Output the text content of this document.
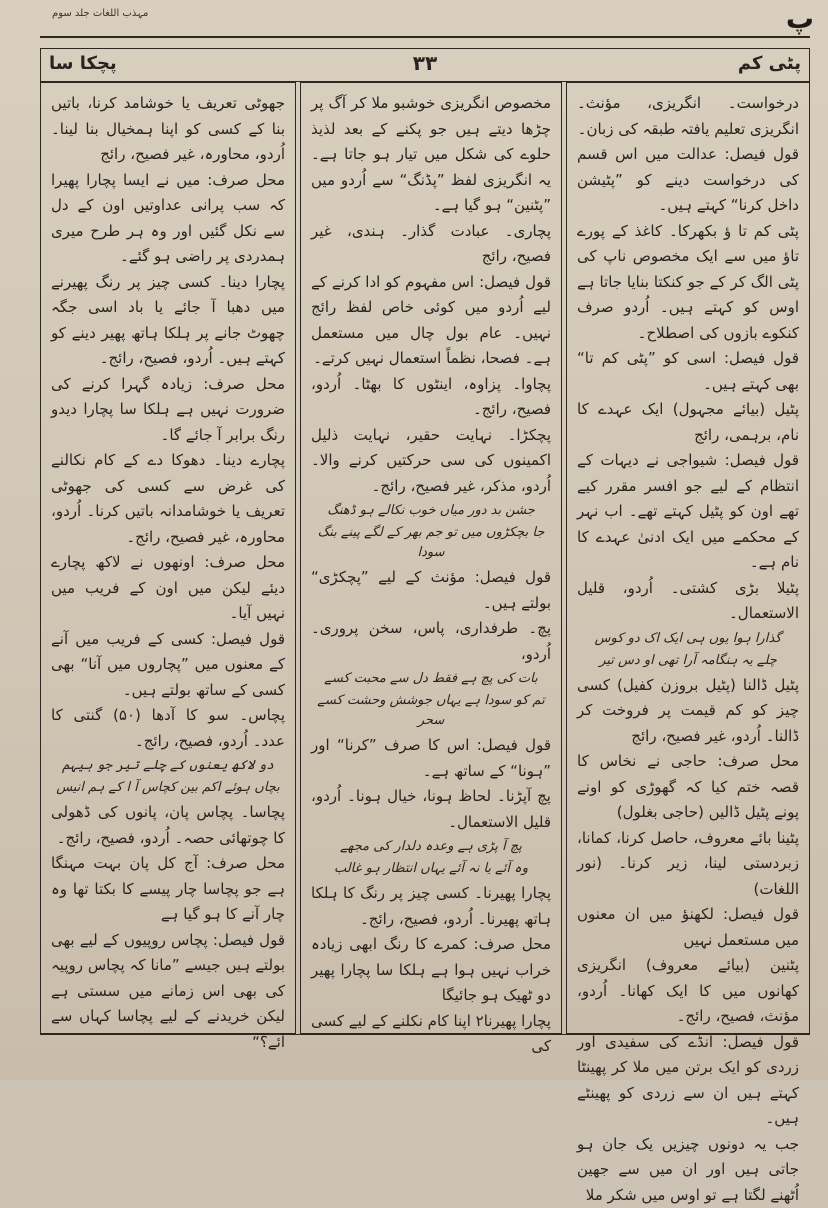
پ
مہذب اللغات جلد سوم
پٹی کم
۳۳
پچکا سا

درخواست۔ انگریزی، مؤنث۔ انگریزی تعلیم یافتہ طبقہ کی زبان۔

قول فیصل: عدالت میں اس قسم کی درخواست دینے کو ”پٹیشن داخل کرنا“ کہتے ہیں۔

پٹی کم تا ؤ بکھرکا۔ کاغذ کے پورے تاؤ میں سے ایک مخصوص ناپ کی پٹی الگ کر کے جو کنکتا بنایا جاتا ہے اوس کو کہتے ہیں۔ اُردو صرف کنکوے بازوں کی اصطلاح۔

قول فیصل: اسی کو ”پٹی کم تا“ بھی کہتے ہیں۔

پٹیل (بیائے مجہول) ایک عہدے کا نام، برہمی، رائج

قول فیصل: شیواجی نے دیہات کے انتظام کے لیے جو افسر مقرر کیے تھے اون کو پٹیل کہتے تھے۔ اب نہر کے محکمے میں ایک ادنیٰ عہدے کا نام ہے۔

پٹیلا بڑی کشتی۔ اُردو، قلیل الاستعمال۔

گذارا ہوا یوں ہی ایک اک دو کوس

چلے یہ ہنگامہ آرا تھی او دس تیر

پٹیل ڈالنا (پٹیل بروزن کفیل) کسی چیز کو کم قیمت پر فروخت کر ڈالنا۔ اُردو، غیر فصیح، رائج

محل صرف: حاجی نے نخاس کا قصہ ختم کیا کہ گھوڑی کو اونے پونے پٹیل ڈالیں (حاجی بغلول)

پٹینا بائے معروف، حاصل کرنا، کمانا، زبردستی لینا، زیر کرنا۔ (نور اللغات)

قول فیصل: لکھنؤ میں ان معنوں میں مستعمل نہیں

پٹنین (بیائے معروف) انگریزی کھانوں میں کا ایک کھانا۔ اُردو، مؤنث، فصیح، رائج۔

قول فیصل: انڈے کی سفیدی اور زردی کو ایک برتن میں ملا کر پھینٹا کہتے ہیں ان سے زردی کو پھینٹے ہیں۔

جب یہ دونوں چیزیں یک جان ہو جاتی ہیں اور ان میں سے جھین اُٹھنے لگتا ہے تو اوس میں شکر ملا

مخصوص انگریزی خوشبو ملا کر آگ پر چڑھا دیتے ہیں جو پکنے کے بعد لذیذ حلوے کی شکل میں تیار ہو جاتا ہے۔ یہ انگریزی لفظ ”پڈنگ“ سے اُردو میں ”پٹنین“ ہو گیا ہے۔

پچاری۔ عبادت گذار۔ ہندی، غیر فصیح، رائج

قول فیصل: اس مفہوم کو ادا کرنے کے لیے اُردو میں کوئی خاص لفظ رائج نہیں۔ عام بول چال میں مستعمل ہے۔ فصحا، نظماً استعمال نہیں کرتے۔

پچاوا۔ پزاوہ، اینٹوں کا بھٹا۔ اُردو، فصیح، رائج۔

پچکڑا۔ نہایت حقیر، نہایت ذلیل اکمینوں کی سی حرکتیں کرنے والا۔ اُردو، مذکر، غیر فصیح، رائج۔

جشن بد دور میاں خوب نکالے ہو ڈھنگ

جا بچکڑوں میں تو جم بھر کے لگے پینے بنگ سودا

قول فیصل: مؤنث کے لیے ”پچکڑی“ بولتے ہیں۔

پچ۔ طرفداری، پاس، سخن پروری۔ اُردو،

بات کی پچ ہے فقط دل سے محبت کسے

تم کو سودا ہے یہاں جوشش وحشت کسے سحر

قول فیصل: اس کا صرف ”کرنا“ اور ”ہونا“ کے ساتھ ہے۔

پچ آپڑنا۔ لحاظ ہونا، خیال ہونا۔ اُردو، قلیل الاستعمال۔

پچ آ پڑی ہے وعدہ دلدار کی مجھے

وہ آئے یا نہ آئے یہاں انتظار ہو غالب

پچارا پھیرنا۔ کسی چیز پر رنگ کا ہلکا ہاتھ پھیرنا۔ اُردو، فصیح، رائج۔

محل صرف: کمرے کا رنگ ابھی زیادہ خراب نہیں ہوا ہے ہلکا سا پچارا پھیر دو ٹھیک ہو جائیگا

پچارا پھیرنا۲ اپنا کام نکلنے کے لیے کسی کی

جھوٹی تعریف یا خوشامد کرنا، باتیں بنا کے کسی کو اپنا ہمخیال بنا لینا۔ اُردو، محاورہ، غیر فصیح، رائج

محل صرف: میں نے ایسا پچارا پھیرا کہ سب پرانی عداوتیں اون کے دل سے نکل گئیں اور وہ ہر طرح میری ہمدردی پر راضی ہو گئے۔

پچارا دینا۔ کسی چیز پر رنگ پھیرنے میں دھبا آ جائے یا باد اسی جگہ چھوٹ جانے پر ہلکا ہاتھ پھیر دینے کو کہتے ہیں۔ اُردو، فصیح، رائج۔

محل صرف: زیادہ گہرا کرنے کی ضرورت نہیں ہے ہلکا سا پچارا دیدو رنگ برابر آ جائے گا۔

پچارے دینا۔ دھوکا دے کے کام نکالنے کی غرض سے کسی کی جھوٹی تعریف یا خوشامدانہ باتیں کرنا۔ اُردو، محاورہ، غیر فصیح، رائج۔

محل صرف: اونھوں نے لاکھ پچارے دیئے لیکن میں اون کے فریب میں نہیں آیا۔

قول فیصل: کسی کے فریب میں آنے کے معنوں میں ”پچاروں میں آنا“ بھی کسی کے ساتھ بولتے ہیں۔

پچاس۔ سو کا آدھا (۵۰) گنتی کا عدد۔ اُردو، فصیح، رائج۔

دو لاکھ یعنوں کے چلے تیر جو ہیہم

بچاں ہوئے اکم بین کچاس آ ا کے ہم انیس

پچاسا۔ پچاس پان، پانوں کی ڈھولی کا چوتھائی حصہ۔ اُردو، فصیح، رائج۔

محل صرف: آج کل پان بہت مہنگا ہے جو پچاسا چار پیسے کا بکتا تھا وہ چار آنے کا ہو گیا ہے

قول فیصل: پچاس روپیوں کے لیے بھی بولتے ہیں جیسے ”مانا کہ پچاس روپیہ کی بھی اس زمانے میں سستی ہے لیکن خریدنے کے لیے پچاسا کہاں سے آئے؟“
